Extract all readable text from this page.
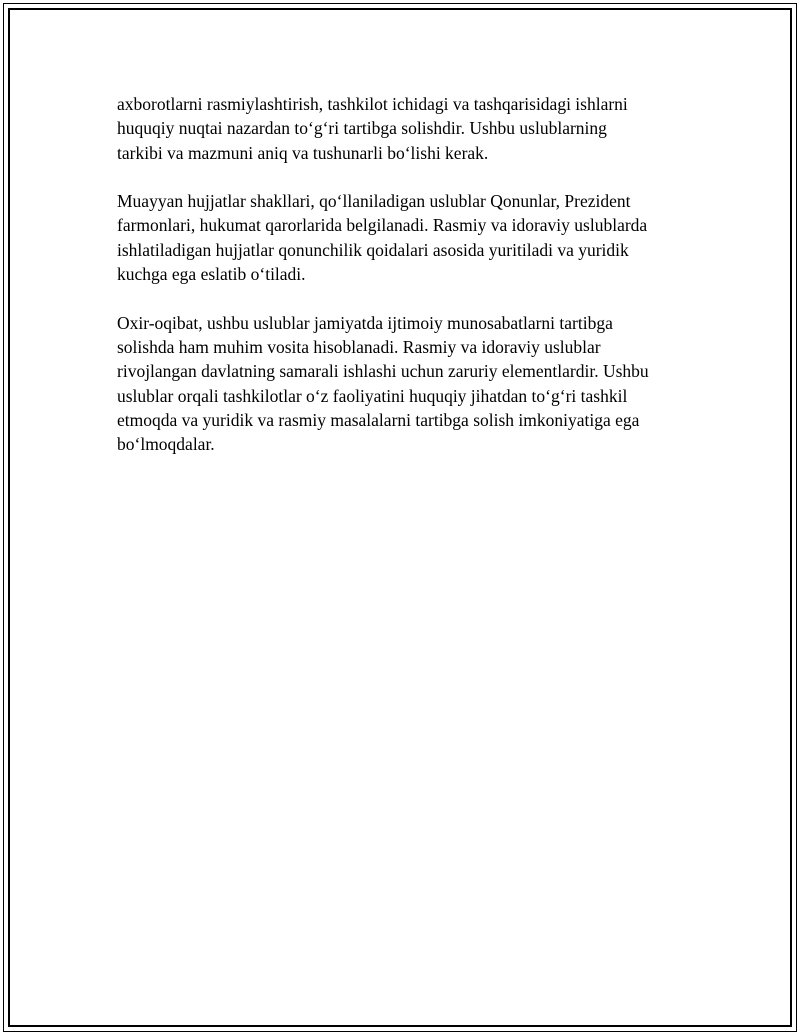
axborotlarni rasmiylashtirish, tashkilot ichidagi va tashqarisidagi ishlarni
huquqiy nuqtai nazardan to‘g‘ri tartibga solishdir. Ushbu uslublarning
tarkibi va mazmuni aniq va tushunarli bo‘lishi kerak.

Muayyan hujjatlar shakllari, qo‘llaniladigan uslublar Qonunlar, Prezident
farmonlari, hukumat qarorlarida belgilanadi. Rasmiy va idoraviy uslublarda
ishlatiladigan hujjatlar qonunchilik qoidalari asosida yuritiladi va yuridik
kuchga ega eslatib o‘tiladi.

Oxir-oqibat, ushbu uslublar jamiyatda ijtimoiy munosabatlarni tartibga
solishda ham muhim vosita hisoblanadi. Rasmiy va idoraviy uslublar
rivojlangan davlatning samarali ishlashi uchun zaruriy elementlardir. Ushbu
uslublar orqali tashkilotlar o‘z faoliyatini huquqiy jihatdan to‘g‘ri tashkil
etmoqda va yuridik va rasmiy masalalarni tartibga solish imkoniyatiga ega
bo‘lmoqdalar.
